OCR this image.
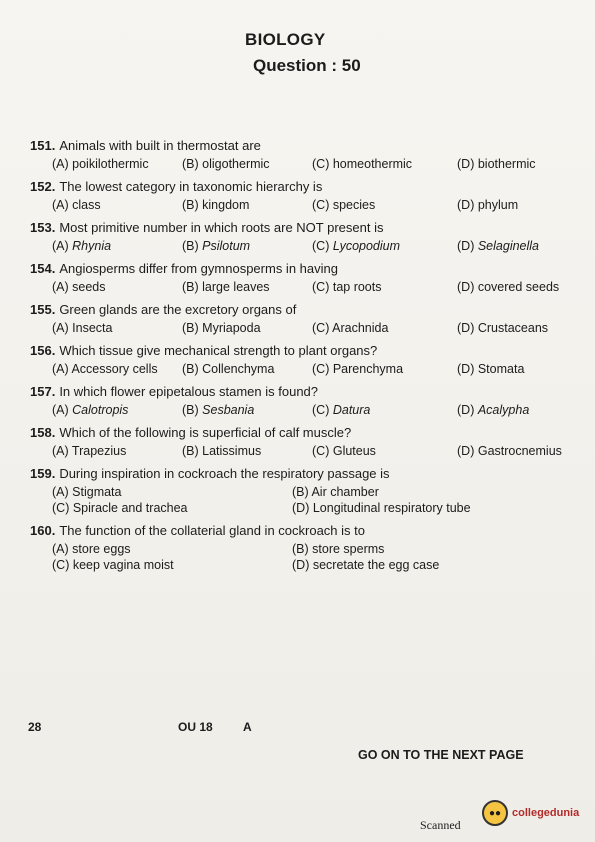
BIOLOGY
Question : 50
151. Animals with built in thermostat are
(A) poikilothermic	(B) oligothermic	(C) homeothermic	(D) biothermic
152. The lowest category in taxonomic hierarchy is
(A) class	(B) kingdom	(C) species	(D) phylum
153. Most primitive number in which roots are NOT present is
(A) Rhynia	(B) Psilotum	(C) Lycopodium	(D) Selaginella
154. Angiosperms differ from gymnosperms in having
(A) seeds	(B) large leaves	(C) tap roots	(D) covered seeds
155. Green glands are the excretory organs of
(A) Insecta	(B) Myriapoda	(C) Arachnida	(D) Crustaceans
156. Which tissue give mechanical strength to plant organs?
(A) Accessory cells	(B) Collenchyma	(C) Parenchyma	(D) Stomata
157. In which flower epipetalous stamen is found?
(A) Calotropis	(B) Sesbania	(C) Datura	(D) Acalypha
158. Which of the following is superficial of calf muscle?
(A) Trapezius	(B) Latissimus	(C) Gluteus	(D) Gastrocnemius
159. During inspiration in cockroach the respiratory passage is
(A) Stigmata	(B) Air chamber
(C) Spiracle and trachea	(D) Longitudinal respiratory tube
160. The function of the collaterial gland in cockroach is to
(A) store eggs	(B) store sperms
(C) keep vagina moist	(D) secretate the egg case
28	OU 18	A
GO ON TO THE NEXT PAGE
●● collegedunia
Scanned
